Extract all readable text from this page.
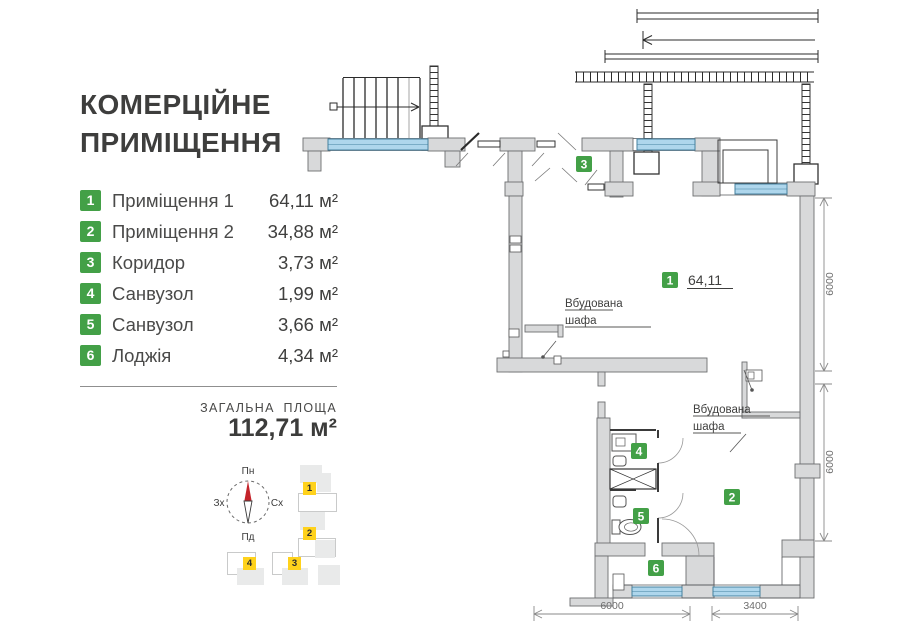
КОМЕРЦІЙНЕ
ПРИМІЩЕННЯ
1 Приміщення 1 64,11 м²
2 Приміщення 2 34,88 м²
3 Коридор	3,73 м²
4 Санвузол	1,99 м²
5 Санвузол	3,66 м²
6 Лоджія	4,34 м²
ЗАГАЛЬНА ПЛОЩА
112,71 м²
Пн
Пд
Зх	Сх
1
2
3
4
3
1
4
5
2
6
64,11
Вбудована
шафа
Вбудована
шафа
6000
6000
6000	3400
